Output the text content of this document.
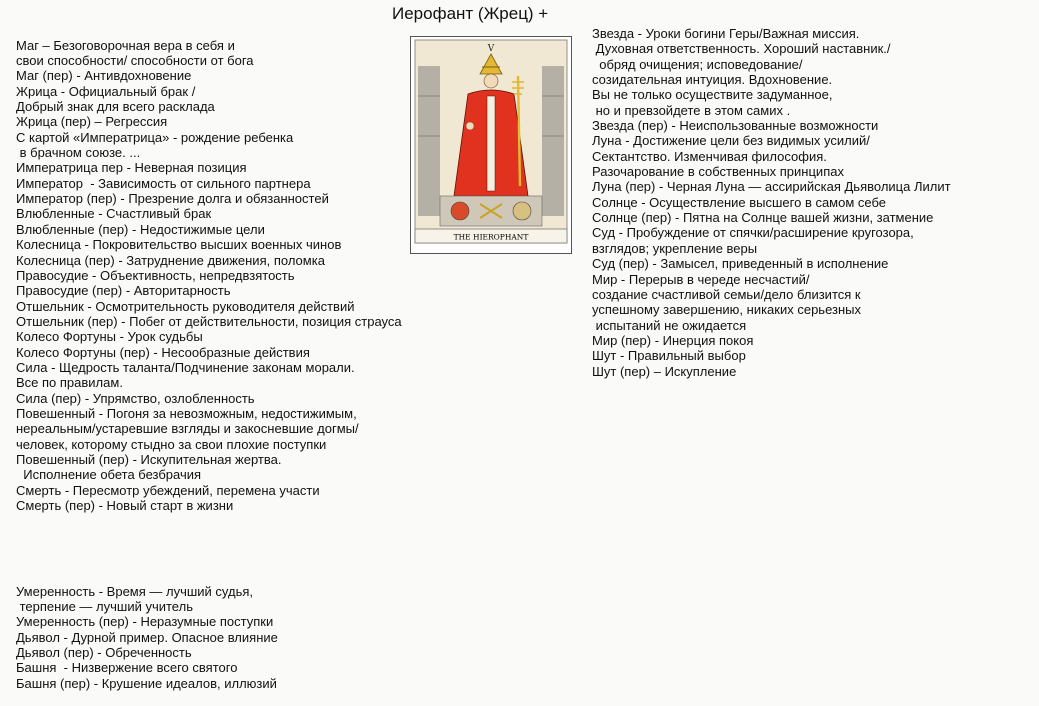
Иерофант (Жрец) +

Маг – Безоговорочная вера в себя и
свои способности/ способности от бога
Маг (пер) - Антивдохновение
Жрица - Официальный брак /
Добрый знак для всего расклада
Жрица (пер) – Регрессия
С картой «Императрица» - рождение ребенка
в брачном союзе. ...
Императрица пер - Неверная позиция
Император  - Зависимость от сильного партнера
Император (пер) - Презрение долга и обязанностей
Влюбленные - Счастливый брак
Влюбленные (пер) - Недостижимые цели
Колесница - Покровительство высших военных чинов
Колесница (пер) - Затруднение движения, поломка
Правосудие - Объективность, непредвзятость
Правосудие (пер) - Авторитарность
Отшельник - Осмотрительность руководителя действий
Отшельник (пер) - Побег от действительности, позиция страуса
Колесо Фортуны - Урок судьбы
Колесо Фортуны (пер) - Несообразные действия
Сила - Щедрость таланта/Подчинение законам морали.
Все по правилам.
Сила (пер) - Упрямство, озлобленность
Повешенный - Погоня за невозможным, недостижимым,
нереальным/устаревшие взгляды и закосневшие догмы/
человек, которому стыдно за свои плохие поступки
Повешенный (пер) - Искупительная жертва.
Исполнение обета безбрачия
Смерть - Пересмотр убеждений, перемена участи
Смерть (пер) - Новый старт в жизни

Умеренность - Время — лучший судья,
терпение — лучший учитель
Умеренность (пер) - Неразумные поступки
Дьявол - Дурной пример. Опасное влияние
Дьявол (пер) - Обреченность
Башня  - Низвержение всего святого
Башня (пер) - Крушение идеалов, иллюзий

Звезда - Уроки богини Геры/Важная миссия.
Духовная ответственность. Хороший наставник./
обряд очищения; исповедование/
созидательная интуиция. Вдохновение.
Вы не только осуществите задуманное,
но и превзойдете в этом самих .
Звезда (пер) - Неиспользованные возможности
Луна - Достижение цели без видимых усилий/
Сектантство. Изменчивая философия.
Разочарование в собственных принципах
Луна (пер) - Черная Луна — ассирийская Дьяволица Лилит
Солнце - Осуществление высшего в самом себе
Солнце (пер) - Пятна на Солнце вашей жизни, затмение
Суд - Пробуждение от спячки/расширение кругозора,
взглядов; укрепление веры
Суд (пер) - Замысел, приведенный в исполнение
Мир - Перерыв в череде несчастий/
создание счастливой семьи/дело близится к
успешному завершению, никаких серьезных
испытаний не ожидается
Мир (пер) - Инерция покоя
Шут - Правильный выбор
Шут (пер) – Искупление
V
THE HIEROPHANT
